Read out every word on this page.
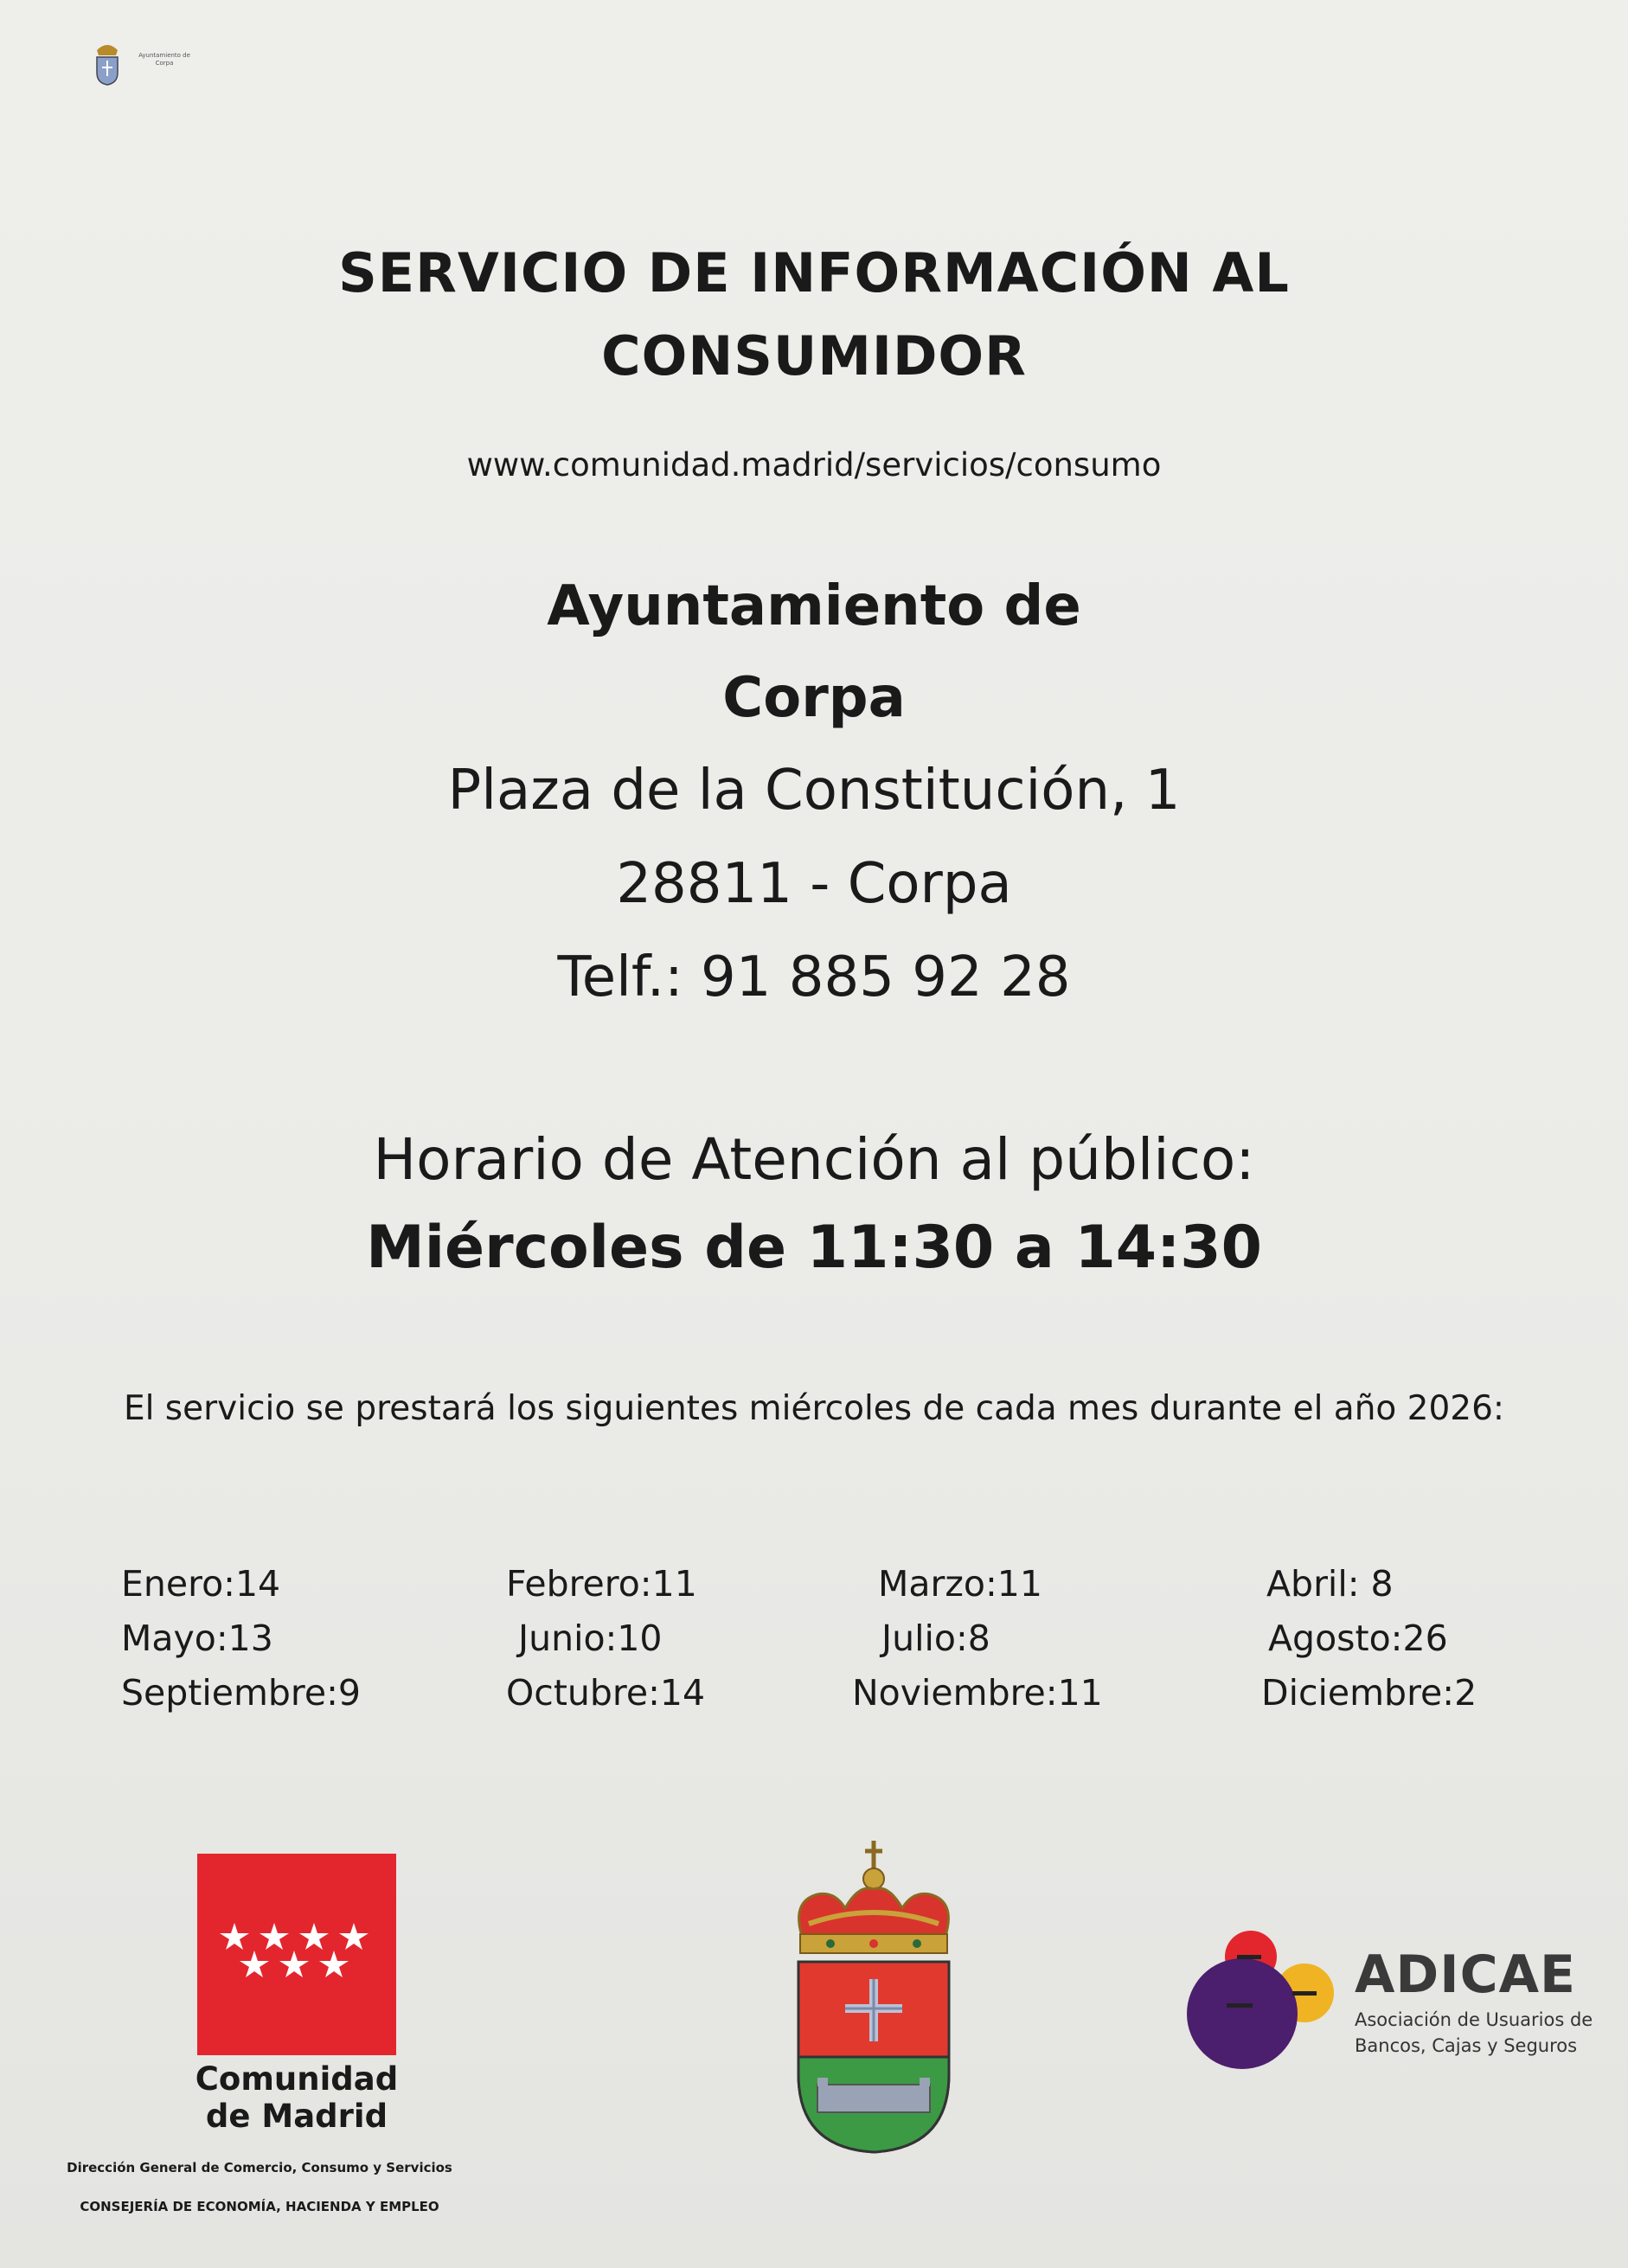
Ayuntamiento de Corpa
SERVICIO DE INFORMACIÓN AL
CONSUMIDOR
www.comunidad.madrid/servicios/consumo
Ayuntamiento de
Corpa
Plaza de la Constitución, 1
28811 - Corpa
Telf.: 91 885 92 28
Horario de Atención al público:
Miércoles de 11:30 a 14:30
El servicio se prestará los siguientes miércoles de cada mes durante el año 2026:
Enero:14
Mayo:13
Septiembre:9
Febrero:11
Junio:10
Octubre:14
Marzo:11
Julio:8
Noviembre:11
Abril: 8
Agosto:26
Diciembre:2
Comunidad
de Madrid
Dirección General de Comercio, Consumo y Servicios
CONSEJERÍA DE ECONOMÍA, HACIENDA Y EMPLEO
ADICAE
Asociación de Usuarios de
Bancos, Cajas y Seguros
